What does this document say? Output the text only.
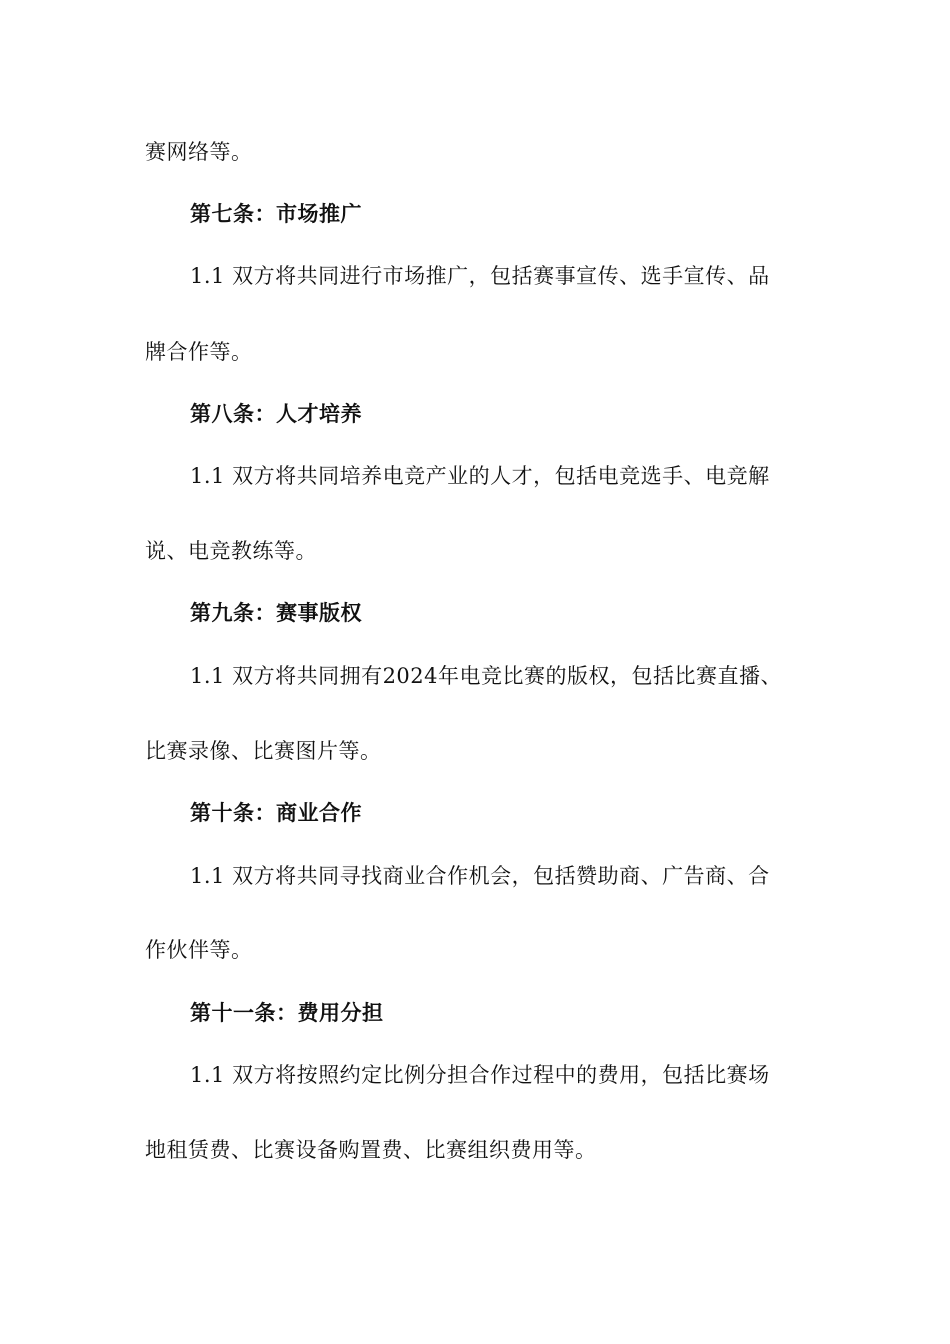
赛网络等。
第七条：市场推广
1.1 双方将共同进行市场推广，包括赛事宣传、选手宣传、品
牌合作等。
第八条：人才培养
1.1 双方将共同培养电竞产业的人才，包括电竞选手、电竞解
说、电竞教练等。
第九条：赛事版权
1.1 双方将共同拥有2024年电竞比赛的版权，包括比赛直播、
比赛录像、比赛图片等。
第十条：商业合作
1.1 双方将共同寻找商业合作机会，包括赞助商、广告商、合
作伙伴等。
第十一条：费用分担
1.1 双方将按照约定比例分担合作过程中的费用，包括比赛场
地租赁费、比赛设备购置费、比赛组织费用等。
